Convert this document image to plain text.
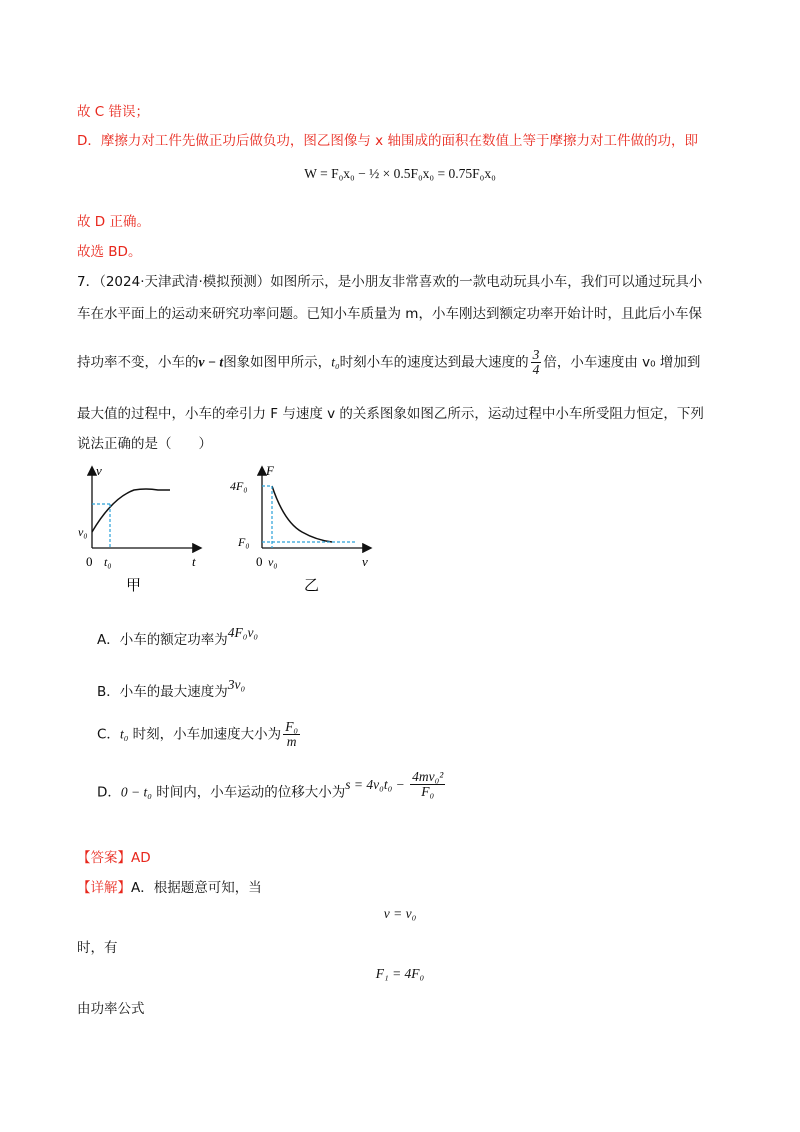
故 C 错误；
D．摩擦力对工件先做正功后做负功，图乙图像与 x 轴围成的面积在数值上等于摩擦力对工件做的功，即
W = F₀x₀ − ½ × 0.5F₀x₀ = 0.75F₀x₀
故 D 正确。
故选 BD。
7．（2024·天津武清·模拟预测）如图所示，是小朋友非常喜欢的一款电动玩具小车，我们可以通过玩具小
车在水平面上的运动来研究功率问题。已知小车质量为 m，小车刚达到额定功率开始计时，且此后小车保
持功率不变，小车的v − t图象如图甲所示，t₀时刻小车的速度达到最大速度的 $\frac{3}{4}$ 倍，小车速度由 v₀ 增加到
最大值的过程中，小车的牵引力 F 与速度 v 的关系图象如图乙所示，运动过程中小车所受阻力恒定，下列
说法正确的是（　　）
v
t
0
v₀
t₀
甲
F
v
0
4F₀
F₀
v₀
乙
A．小车的额定功率为4F₀v₀
B．小车的最大速度为3v₀
C．t₀ 时刻，小车加速度大小为 $\frac{\text{F₀}}{m}$
D．0 − t₀ 时间内，小车运动的位移大小为$s = 4v_0t_0 - \frac{\text{4mv₀²}}{\text{F₀}}$
【答案】AD
【详解】A．根据题意可知，当
v = v₀
时，有
F₁ = 4F₀
由功率公式
